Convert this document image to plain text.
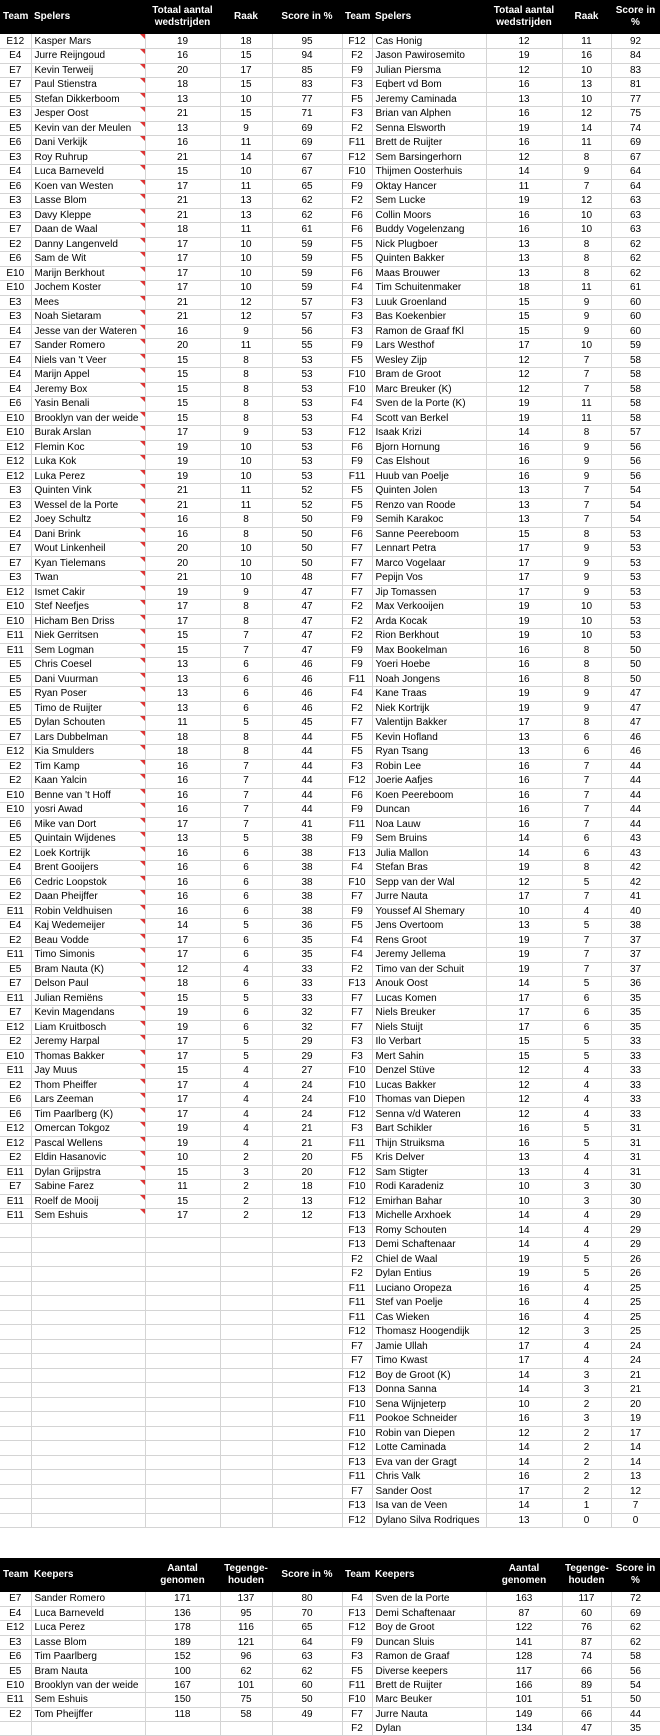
Team	Spelers	Totaal aantal wedstrijden	Raak	Score in %	Team	Spelers	Totaal aantal wedstrijden	Raak	Score in %
E12	Kasper Mars	19	18	95	F12	Cas Honig	12	11	92
E4	Jurre Reijngoud	16	15	94	F2	Jason Pawirosemito	19	16	84
E7	Kevin Terweij	20	17	85	F9	Julian Piersma	12	10	83
E7	Paul Stienstra	18	15	83	F3	Eqbert vd Bom	16	13	81
E5	Stefan Dikkerboom	13	10	77	F5	Jeremy Caminada	13	10	77
E3	Jesper Oost	21	15	71	F3	Brian van Alphen	16	12	75
E5	Kevin van der Meulen	13	9	69	F2	Senna Elsworth	19	14	74
E6	Dani Verkijk	16	11	69	F11	Brett de Ruijter	16	11	69
E3	Roy Ruhrup	21	14	67	F12	Sem Barsingerhorn	12	8	67
E4	Luca Barneveld	15	10	67	F10	Thijmen Oosterhuis	14	9	64
E6	Koen van Westen	17	11	65	F9	Oktay Hancer	11	7	64
E3	Lasse Blom	21	13	62	F2	Sem Lucke	19	12	63
E3	Davy Kleppe	21	13	62	F6	Collin Moors	16	10	63
E7	Daan de Waal	18	11	61	F6	Buddy Vogelenzang	16	10	63
E2	Danny Langenveld	17	10	59	F5	Nick Plugboer	13	8	62
E6	Sam de Wit	17	10	59	F5	Quinten Bakker	13	8	62
E10	Marijn Berkhout	17	10	59	F6	Maas Brouwer	13	8	62
E10	Jochem Koster	17	10	59	F4	Tim Schuitenmaker	18	11	61
E3	Mees	21	12	57	F3	Luuk Groenland	15	9	60
E3	Noah Sietaram	21	12	57	F3	Bas Koekenbier	15	9	60
E4	Jesse van der Wateren	16	9	56	F3	Ramon de Graaf fKl	15	9	60
E7	Sander Romero	20	11	55	F9	Lars Westhof	17	10	59
E4	Niels van 't Veer	15	8	53	F5	Wesley Zijp	12	7	58
E4	Marijn Appel	15	8	53	F10	Bram de Groot	12	7	58
E4	Jeremy Box	15	8	53	F10	Marc Breuker (K)	12	7	58
E6	Yasin Benali	15	8	53	F4	Sven de la Porte (K)	19	11	58
E10	Brooklyn van der weide	15	8	53	F4	Scott van Berkel	19	11	58
E10	Burak Arslan	17	9	53	F12	Isaak Krizi	14	8	57
E12	Flemin Koc	19	10	53	F6	Bjorn Hornung	16	9	56
E12	Luka Kok	19	10	53	F9	Cas Elshout	16	9	56
E12	Luka Perez	19	10	53	F11	Huub van Poelje	16	9	56
E3	Quinten Vink	21	11	52	F5	Quinten Jolen	13	7	54
E3	Wessel de la Porte	21	11	52	F5	Renzo van Roode	13	7	54
E2	Joey Schultz	16	8	50	F9	Semih Karakoc	13	7	54
E4	Dani Brink	16	8	50	F6	Sanne Peereboom	15	8	53
E7	Wout Linkenheil	20	10	50	F7	Lennart Petra	17	9	53
E7	Kyan Tielemans	20	10	50	F7	Marco Vogelaar	17	9	53
E3	Twan	21	10	48	F7	Pepijn Vos	17	9	53
E12	Ismet Cakir	19	9	47	F7	Jip Tomassen	17	9	53
E10	Stef Neefjes	17	8	47	F2	Max Verkooijen	19	10	53
E10	Hicham Ben Driss	17	8	47	F2	Arda Kocak	19	10	53
E11	Niek Gerritsen	15	7	47	F2	Rion Berkhout	19	10	53
E11	Sem Logman	15	7	47	F9	Max Bookelman	16	8	50
E5	Chris Coesel	13	6	46	F9	Yoeri Hoebe	16	8	50
E5	Dani Vuurman	13	6	46	F11	Noah Jongens	16	8	50
E5	Ryan Poser	13	6	46	F4	Kane Traas	19	9	47
E5	Timo de Ruijter	13	6	46	F2	Niek Kortrijk	19	9	47
E5	Dylan Schouten	11	5	45	F7	Valentijn Bakker	17	8	47
E7	Lars Dubbelman	18	8	44	F5	Kevin Hofland	13	6	46
E12	Kia Smulders	18	8	44	F5	Ryan Tsang	13	6	46
E2	Tim Kamp	16	7	44	F3	Robin Lee	16	7	44
E2	Kaan Yalcin	16	7	44	F12	Joerie Aafjes	16	7	44
E10	Benne van 't Hoff	16	7	44	F6	Koen Peereboom	16	7	44
E10	yosri Awad	16	7	44	F9	Duncan	16	7	44
E6	Mike van Dort	17	7	41	F11	Noa Lauw	16	7	44
E5	Quintain Wijdenes	13	5	38	F9	Sem Bruins	14	6	43
E2	Loek Kortrijk	16	6	38	F13	Julia Mallon	14	6	43
E4	Brent Gooijers	16	6	38	F4	Stefan Bras	19	8	42
E6	Cedric Loopstok	16	6	38	F10	Sepp van der Wal	12	5	42
E2	Daan Pheijffer	16	6	38	F7	Jurre Nauta	17	7	41
E11	Robin Veldhuisen	16	6	38	F9	Youssef Al Shemary	10	4	40
E4	Kaj Wedemeijer	14	5	36	F5	Jens Overtoom	13	5	38
E2	Beau Vodde	17	6	35	F4	Rens Groot	19	7	37
E11	Timo Simonis	17	6	35	F4	Jeremy Jellema	19	7	37
E5	Bram Nauta (K)	12	4	33	F2	Timo van der Schuit	19	7	37
E7	Delson Paul	18	6	33	F13	Anouk Oost	14	5	36
E11	Julian Remiëns	15	5	33	F7	Lucas Komen	17	6	35
E7	Kevin Magendans	19	6	32	F7	Niels Breuker	17	6	35
E12	Liam Kruitbosch	19	6	32	F7	Niels Stuijt	17	6	35
E2	Jeremy Harpal	17	5	29	F3	Ilo Verbart	15	5	33
E10	Thomas Bakker	17	5	29	F3	Mert Sahin	15	5	33
E11	Jay Muus	15	4	27	F10	Denzel Stüve	12	4	33
E2	Thom Pheiffer	17	4	24	F10	Lucas Bakker	12	4	33
E6	Lars Zeeman	17	4	24	F10	Thomas van Diepen	12	4	33
E6	Tim Paarlberg (K)	17	4	24	F12	Senna v/d Wateren	12	4	33
E12	Omercan Tokgoz	19	4	21	F3	Bart Schikler	16	5	31
E12	Pascal Wellens	19	4	21	F11	Thijn Struiksma	16	5	31
E2	Eldin Hasanovic	10	2	20	F5	Kris Delver	13	4	31
E11	Dylan Grijpstra	15	3	20	F12	Sam Stigter	13	4	31
E7	Sabine Farez	11	2	18	F10	Rodi Karadeniz	10	3	30
E11	Roelf de Mooij	15	2	13	F12	Emirhan Bahar	10	3	30
E11	Sem Eshuis	17	2	12	F13	Michelle Arxhoek	14	4	29
					F13	Romy Schouten	14	4	29
					F13	Demi Schaftenaar	14	4	29
					F2	Chiel de Waal	19	5	26
					F2	Dylan Entius	19	5	26
					F11	Luciano Oropeza	16	4	25
					F11	Stef van Poelje	16	4	25
					F11	Cas Wieken	16	4	25
					F12	Thomasz Hoogendijk	12	3	25
					F7	Jamie Ullah	17	4	24
					F7	Timo Kwast	17	4	24
					F12	Boy de Groot (K)	14	3	21
					F13	Donna Sanna	14	3	21
					F10	Sena Wijnjeterp	10	2	20
					F11	Pookoe Schneider	16	3	19
					F10	Robin van Diepen	12	2	17
					F12	Lotte Caminada	14	2	14
					F13	Eva van der Gragt	14	2	14
					F11	Chris Valk	16	2	13
					F7	Sander Oost	17	2	12
					F13	Isa van de Veen	14	1	7
					F12	Dylano Silva Rodriques	13	0	0
Team	Keepers	Aantal genomen	Tegenge- houden	Score in %	Team	Keepers	Aantal genomen	Tegenge- houden	Score in %
E7	Sander Romero	171	137	80	F4	Sven de la Porte	163	117	72
E4	Luca Barneveld	136	95	70	F13	Demi Schaftenaar	87	60	69
E12	Luca Perez	178	116	65	F12	Boy de Groot	122	76	62
E3	Lasse Blom	189	121	64	F9	Duncan Sluis	141	87	62
E6	Tim Paarlberg	152	96	63	F3	Ramon de Graaf	128	74	58
E5	Bram Nauta	100	62	62	F5	Diverse keepers	117	66	56
E10	Brooklyn van der weide	167	101	60	F11	Brett de Ruijter	166	89	54
E11	Sem Eshuis	150	75	50	F10	Marc Beuker	101	51	50
E2	Tom Pheijffer	118	58	49	F7	Jurre Nauta	149	66	44
					F2	Dylan	134	47	35
